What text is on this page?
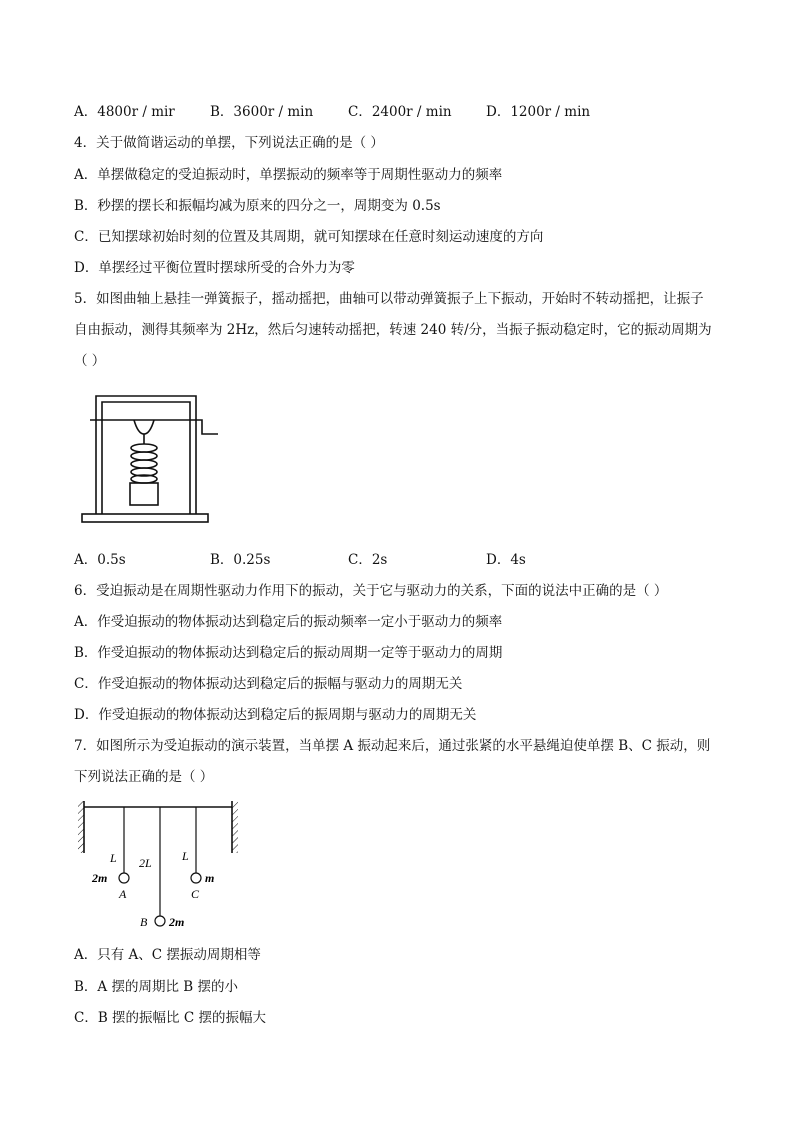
A．4800r / mir	B．3600r / min	C．2400r / min	D．1200r / min
4．关于做简谐运动的单摆，下列说法正确的是（ ）
A．单摆做稳定的受迫振动时，单摆振动的频率等于周期性驱动力的频率
B．秒摆的摆长和振幅均减为原来的四分之一，周期变为 0.5s
C．已知摆球初始时刻的位置及其周期，就可知摆球在任意时刻运动速度的方向
D．单摆经过平衡位置时摆球所受的合外力为零
5．如图曲轴上悬挂一弹簧振子，摇动摇把，曲轴可以带动弹簧振子上下振动，开始时不转动摇把，让振子
自由振动，测得其频率为 2Hz，然后匀速转动摇把，转速 240 转/分，当振子振动稳定时，它的振动周期为
（ ）
A．0.5s	B．0.25s	C．2s	D．4s
6．受迫振动是在周期性驱动力作用下的振动，关于它与驱动力的关系，下面的说法中正确的是（ ）
A．作受迫振动的物体振动达到稳定后的振动频率一定小于驱动力的频率
B．作受迫振动的物体振动达到稳定后的振动周期一定等于驱动力的周期
C．作受迫振动的物体振动达到稳定后的振幅与驱动力的周期无关
D．作受迫振动的物体振动达到稳定后的振周期与驱动力的周期无关
7．如图所示为受迫振动的演示装置，当单摆 A 振动起来后，通过张紧的水平悬绳迫使单摆 B、C 振动，则
下列说法正确的是（ ）
L 2L	L
2m
A
m
C
B 2m
A．只有 A、C 摆振动周期相等
B．A 摆的周期比 B 摆的小
C．B 摆的振幅比 C 摆的振幅大
